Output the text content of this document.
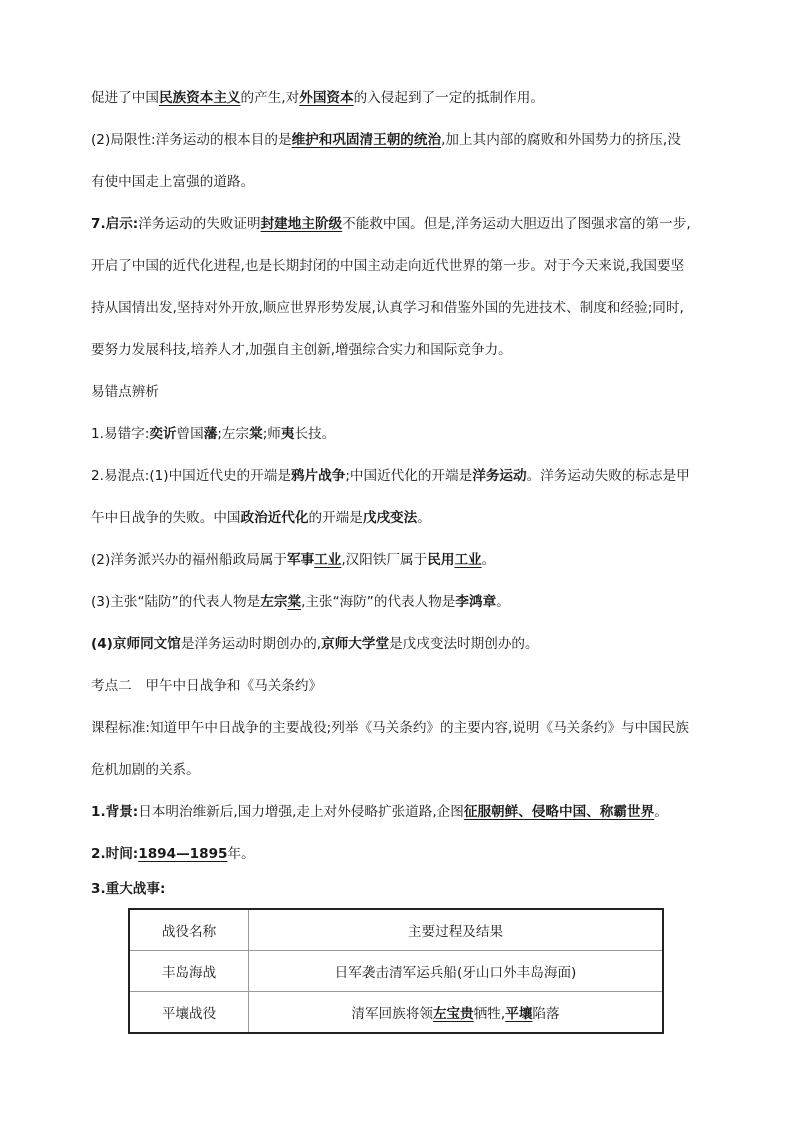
促进了中国民族资本主义的产生,对外国资本的入侵起到了一定的抵制作用。
(2)局限性:洋务运动的根本目的是维护和巩固清王朝的统治,加上其内部的腐败和外国势力的挤压,没
有使中国走上富强的道路。
7.启示:洋务运动的失败证明封建地主阶级不能救中国。但是,洋务运动大胆迈出了图强求富的第一步,
开启了中国的近代化进程,也是长期封闭的中国主动走向近代世界的第一步。对于今天来说,我国要坚
持从国情出发,坚持对外开放,顺应世界形势发展,认真学习和借鉴外国的先进技术、制度和经验;同时,
要努力发展科技,培养人才,加强自主创新,增强综合实力和国际竞争力。
易错点辨析
1.易错字:奕䜣曾国藩;左宗棠;师夷长技。
2.易混点:(1)中国近代史的开端是鸦片战争;中国近代化的开端是洋务运动。洋务运动失败的标志是甲
午中日战争的失败。中国政治近代化的开端是戊戌变法。
(2)洋务派兴办的福州船政局属于军事工业,汉阳铁厂属于民用工业。
(3)主张“陆防”的代表人物是左宗棠,主张“海防”的代表人物是李鸿章。
(4)京师同文馆是洋务运动时期创办的,京师大学堂是戊戌变法时期创办的。
考点二　甲午中日战争和《马关条约》
课程标准:知道甲午中日战争的主要战役;列举《马关条约》的主要内容,说明《马关条约》与中国民族
危机加剧的关系。
1.背景:日本明治维新后,国力增强,走上对外侵略扩张道路,企图征服朝鲜、侵略中国、称霸世界。
2.时间:1894—1895年。
3.重大战事:
战役名称	主要过程及结果
丰岛海战	日军袭击清军运兵船(牙山口外丰岛海面)
平壤战役	清军回族将领左宝贵牺牲,平壤陷落
